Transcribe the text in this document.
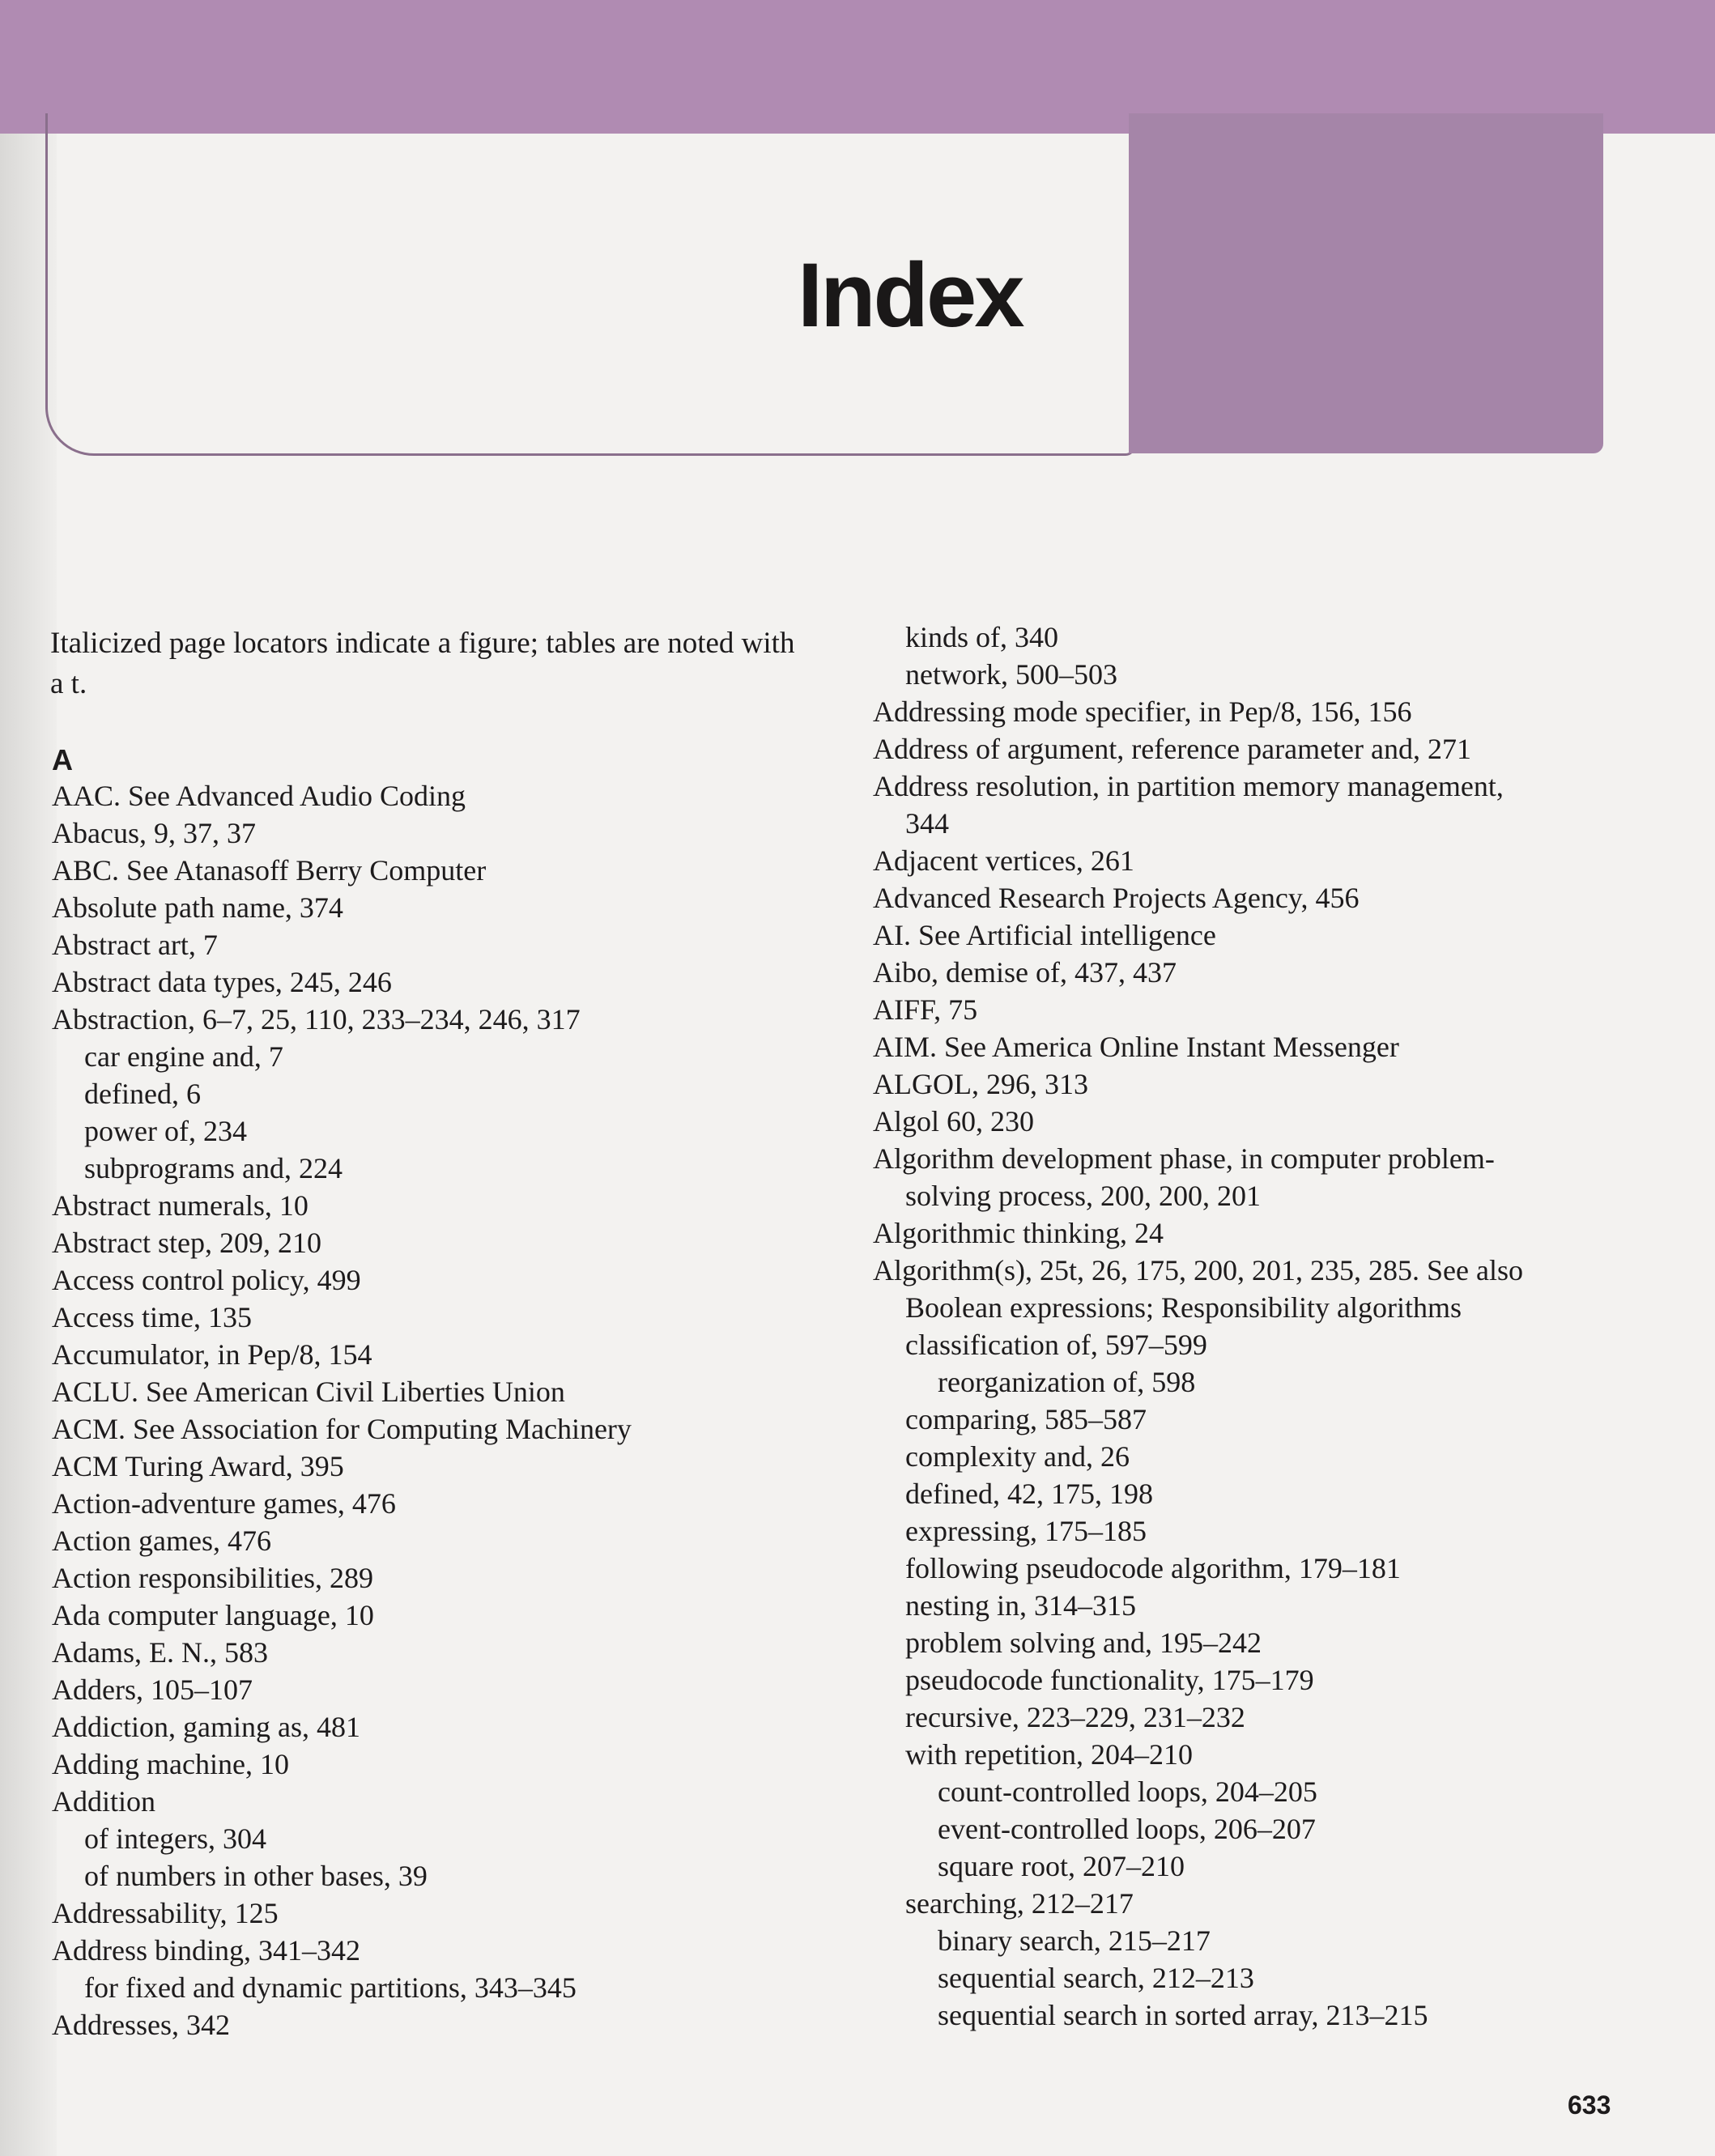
Index
Italicized page locators indicate a figure; tables are noted with a t.
A
AAC. See Advanced Audio Coding
Abacus, 9, 37, 37
ABC. See Atanasoff Berry Computer
Absolute path name, 374
Abstract art, 7
Abstract data types, 245, 246
Abstraction, 6–7, 25, 110, 233–234, 246, 317
car engine and, 7
defined, 6
power of, 234
subprograms and, 224
Abstract numerals, 10
Abstract step, 209, 210
Access control policy, 499
Access time, 135
Accumulator, in Pep/8, 154
ACLU. See American Civil Liberties Union
ACM. See Association for Computing Machinery
ACM Turing Award, 395
Action-adventure games, 476
Action games, 476
Action responsibilities, 289
Ada computer language, 10
Adams, E. N., 583
Adders, 105–107
Addiction, gaming as, 481
Adding machine, 10
Addition
of integers, 304
of numbers in other bases, 39
Addressability, 125
Address binding, 341–342
for fixed and dynamic partitions, 343–345
Addresses, 342
kinds of, 340
network, 500–503
Addressing mode specifier, in Pep/8, 156, 156
Address of argument, reference parameter and, 271
Address resolution, in partition memory management,
344
Adjacent vertices, 261
Advanced Research Projects Agency, 456
AI. See Artificial intelligence
Aibo, demise of, 437, 437
AIFF, 75
AIM. See America Online Instant Messenger
ALGOL, 296, 313
Algol 60, 230
Algorithm development phase, in computer problem-
solving process, 200, 200, 201
Algorithmic thinking, 24
Algorithm(s), 25t, 26, 175, 200, 201, 235, 285. See also
Boolean expressions; Responsibility algorithms
classification of, 597–599
reorganization of, 598
comparing, 585–587
complexity and, 26
defined, 42, 175, 198
expressing, 175–185
following pseudocode algorithm, 179–181
nesting in, 314–315
problem solving and, 195–242
pseudocode functionality, 175–179
recursive, 223–229, 231–232
with repetition, 204–210
count-controlled loops, 204–205
event-controlled loops, 206–207
square root, 207–210
searching, 212–217
binary search, 215–217
sequential search, 212–213
sequential search in sorted array, 213–215
633
